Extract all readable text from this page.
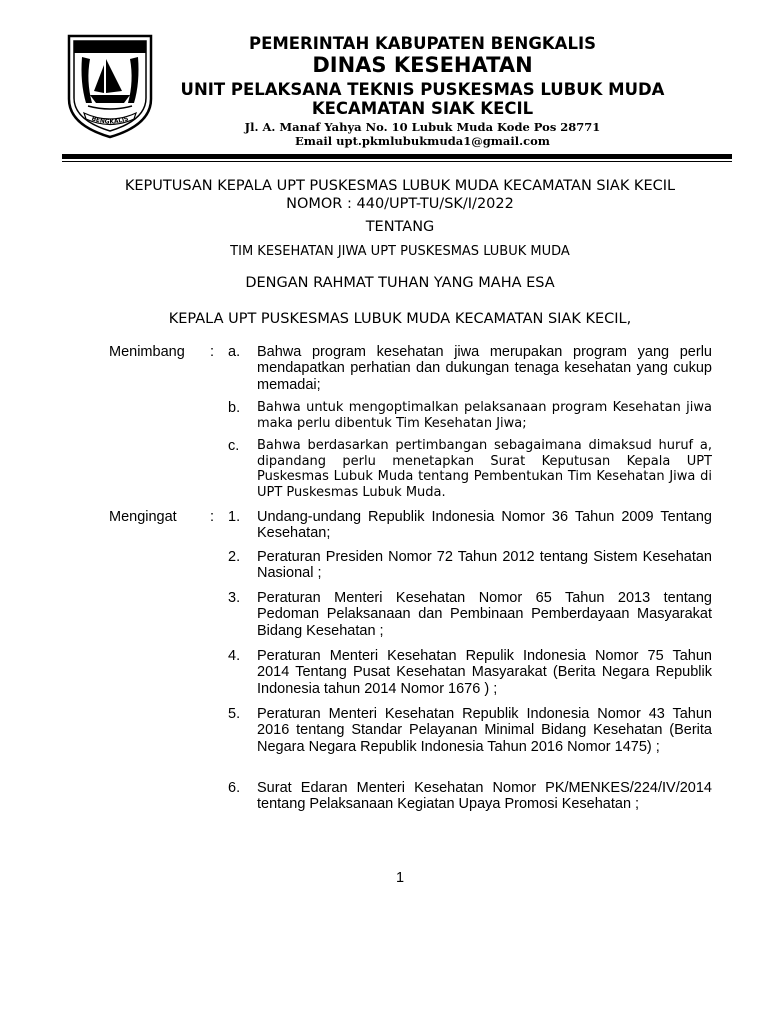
BENGKALIS
PEMERINTAH KABUPATEN BENGKALIS
DINAS KESEHATAN
UNIT PELAKSANA TEKNIS PUSKESMAS LUBUK MUDA
KECAMATAN SIAK KECIL
Jl. A. Manaf Yahya No. 10 Lubuk Muda Kode Pos 28771
Email upt.pkmlubukmuda1@gmail.com
KEPUTUSAN KEPALA UPT PUSKESMAS LUBUK MUDA KECAMATAN SIAK KECIL
NOMOR : 440/UPT-TU/SK/I/2022
TENTANG
TIM KESEHATAN JIWA UPT PUSKESMAS LUBUK MUDA
DENGAN RAHMAT TUHAN YANG MAHA ESA
KEPALA UPT PUSKESMAS LUBUK MUDA KECAMATAN SIAK KECIL,
Menimbang : a.	Bahwa program kesehatan jiwa merupakan program yang perlu mendapatkan perhatian dan dukungan tenaga kesehatan yang cukup memadai;
b.	Bahwa untuk mengoptimalkan pelaksanaan program Kesehatan jiwa maka perlu dibentuk Tim Kesehatan Jiwa;
c.	Bahwa berdasarkan pertimbangan sebagaimana dimaksud huruf a, dipandang perlu menetapkan Surat Keputusan Kepala UPT Puskesmas Lubuk Muda tentang Pembentukan Tim Kesehatan Jiwa di UPT Puskesmas Lubuk Muda.
Mengingat : 1.	Undang-undang Republik Indonesia Nomor 36 Tahun 2009 Tentang Kesehatan;
2.	Peraturan Presiden Nomor 72 Tahun 2012 tentang Sistem Kesehatan Nasional ;
3.	Peraturan Menteri Kesehatan Nomor 65 Tahun 2013 tentang Pedoman Pelaksanaan dan Pembinaan Pemberdayaan Masyarakat Bidang Kesehatan ;
4.	Peraturan Menteri Kesehatan Repulik Indonesia Nomor 75 Tahun 2014 Tentang Pusat Kesehatan Masyarakat (Berita Negara Republik Indonesia tahun 2014 Nomor 1676 ) ;
5.	Peraturan Menteri Kesehatan Republik Indonesia Nomor 43 Tahun 2016 tentang Standar Pelayanan Minimal Bidang Kesehatan (Berita Negara Negara Republik Indonesia Tahun 2016 Nomor 1475) ;
6.	Surat Edaran Menteri Kesehatan Nomor PK/MENKES/224/IV/2014 tentang Pelaksanaan Kegiatan Upaya Promosi Kesehatan ;
1
